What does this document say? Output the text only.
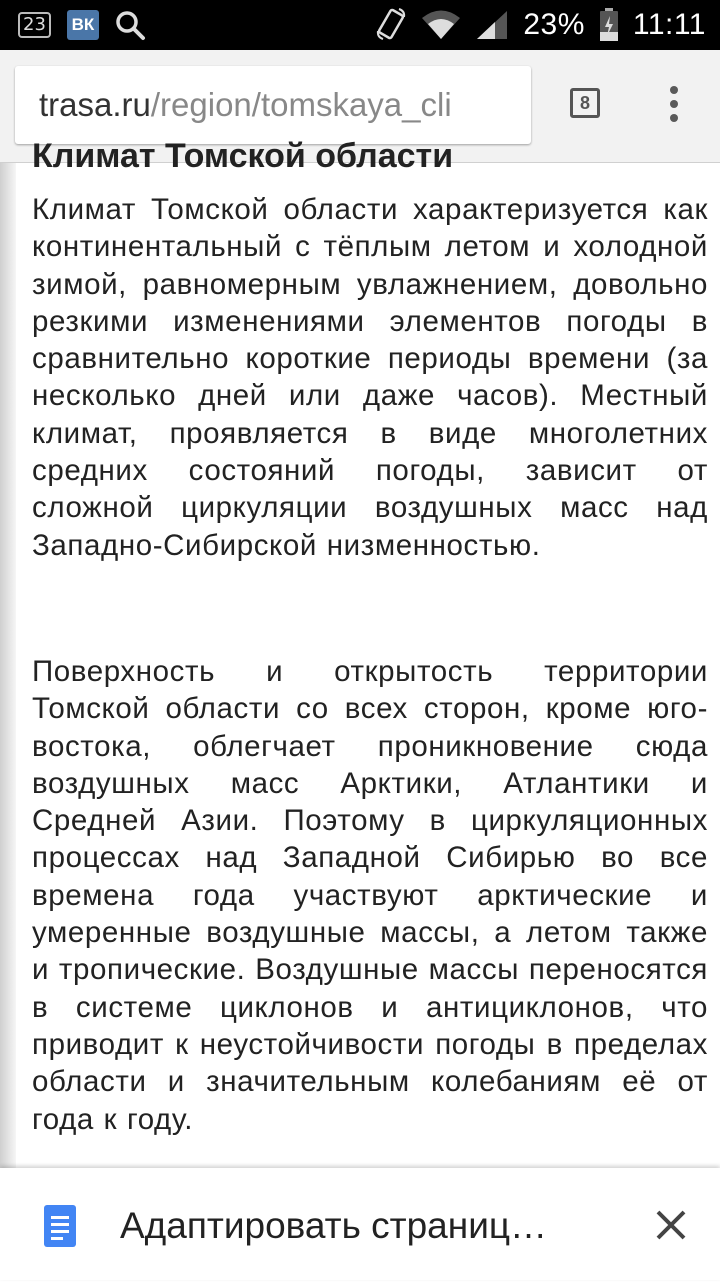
23 ВК	23% 11:11
trasa.ru/region/tomskaya_cli	8
Климат Томской области

Климат Томской области характеризуется как континентальный с тёплым летом и холодной зимой, равномерным увлажнением, довольно резкими изменениями элементов погоды в сравнительно короткие периоды времени (за несколько дней или даже часов). Местный климат, проявляется в виде многолетних средних состояний погоды, зависит от сложной циркуляции воздушных масс над Западно-Сибирской низменностью.

Поверхность и открытость территории Томской области со всех сторон, кроме юго-востока, облегчает проникновение сюда воздушных масс Арктики, Атлантики и Средней Азии. Поэтому в циркуляционных процессах над Западной Сибирью во все времена года участвуют арктические и умеренные воздушные массы, а летом также и тропические. Воздушные массы переносятся в системе циклонов и антициклонов, что приводит к неустойчивости погоды в пределах области и значительным колебаниям её от года к году.

Адаптировать страниц…
